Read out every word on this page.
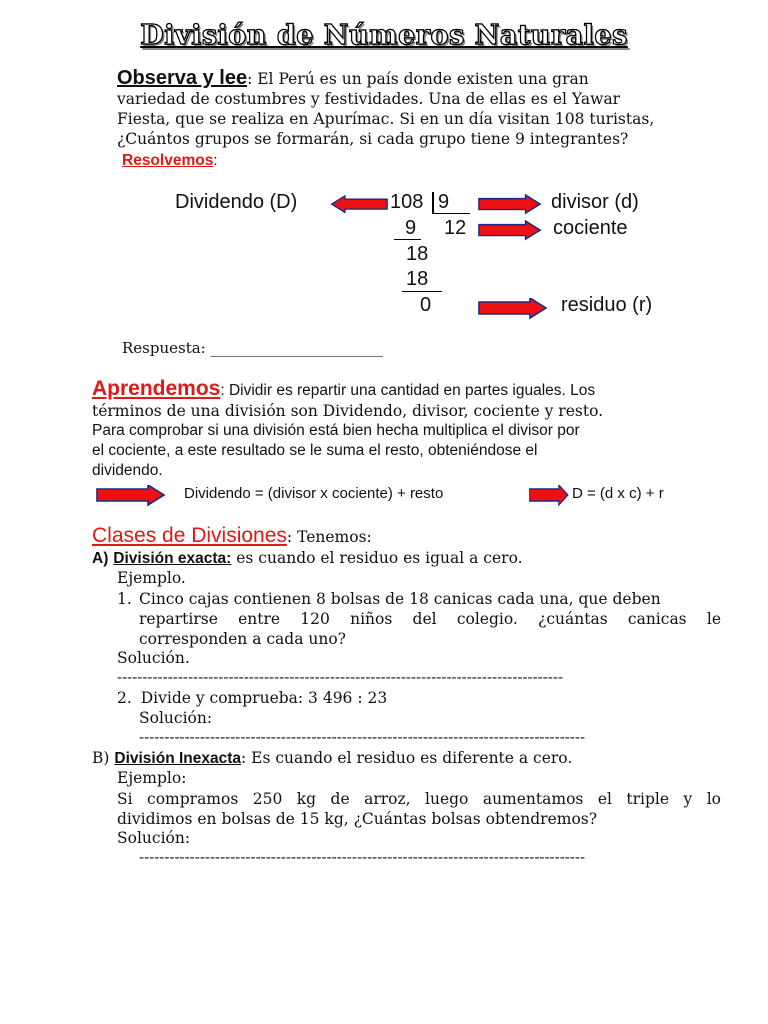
División de Números Naturales
Observa y lee : El Perú es un país donde existen una gran
variedad de costumbres y festividades. Una de ellas es el Yawar
Fiesta, que se realiza en Apurímac. Si en un día visitan 108 turistas,
¿Cuántos grupos se formarán, si cada grupo tiene 9 integrantes?
Resolvemos:
Dividendo (D)	108 9	divisor (d)
9 12	cociente
18
18
0	residuo (r)
Respuesta: _______________________
Aprendemos : Dividir es repartir una cantidad en partes iguales. Los
términos de una división son Dividendo, divisor, cociente y resto.
Para comprobar si una división está bien hecha multiplica el divisor por
el cociente, a este resultado se le suma el resto, obteniéndose el
dividendo.
Dividendo = (divisor x cociente) + resto	D = (d x c) + r
Clases de Divisiones : Tenemos:
A) División exacta: es cuando el residuo es igual a cero.
Ejemplo.
1. Cinco cajas contienen 8 bolsas de 18 canicas cada una, que deben
repartirse entre 120 niños del colegio. ¿cuántas canicas le
corresponden a cada uno?
Solución.
----------------------------------------------------------------------------------------
2. Divide y comprueba: 3 496 : 23
Solución:
----------------------------------------------------------------------------------------
B) División Inexacta: Es cuando el residuo es diferente a cero.
Ejemplo:
Si compramos 250 kg de arroz, luego aumentamos el triple y lo
dividimos en bolsas de 15 kg, ¿Cuántas bolsas obtendremos?
Solución:
----------------------------------------------------------------------------------------
